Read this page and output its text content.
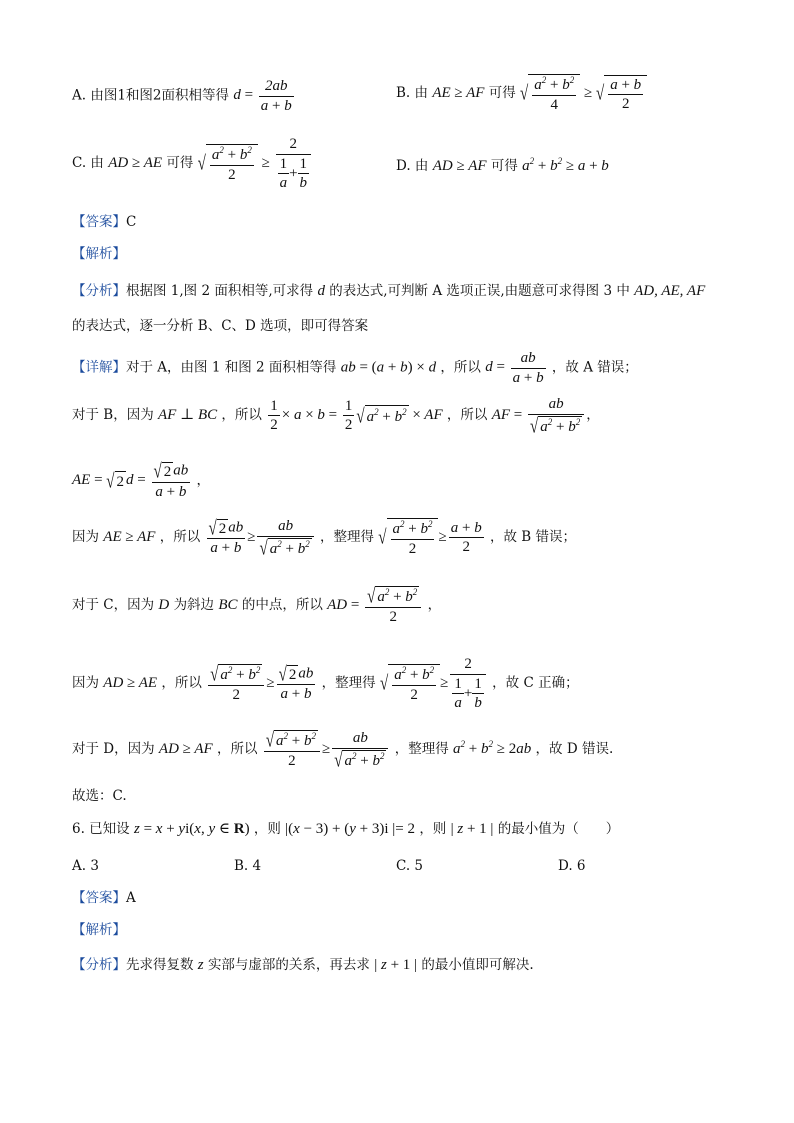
A. 由图1和图2面积相等得 $d = \frac{2ab}{a + b}$	B. 由 AE ≥ AF 可得 √ $\frac{a^2 + b^2}{4}$ ≥ √ $\frac{a + b}{2}$
C. 由 AD ≥ AE 可得 √ $\frac{a^2 + b^2}{2} \ge \frac{2}{\frac{1}{a} + \frac{1}{b}}$	D. 由 AD ≥ AF 可得 $a^2 + b^2 \ge a + b$
【答案】C
【解析】
【分析】根据图 1,图 2 面积相等,可求得 d 的表达式,可判断 A 选项正误,由题意可求得图 3 中 AD, AE, AF
的表达式，逐一分析 B、C、D 选项，即可得答案
【详解】对于 A，由图 1 和图 2 面积相等得 ab = (a + b) × d ，所以 $d = \frac{ab}{a + b}$ ，故 A 错误；
对于 B，因为 AF ⊥ BC ，所以 $\frac{1}{2} \times a \times b = \frac{1}{2}$ √ $a^2 + b^2$ × AF ，所以 AF = $\frac{ab}{√ a^2 + b^2}$ ，
AE = √ 2 $d = \frac{√ 2 ab}{a + b}$ ，
因为 AE ≥ AF ，所以 $\frac{√ 2 ab}{a + b} \ge \frac{ab}{√ a^2 + b^2}$ ，整理得 √ $\frac{a^2 + b^2}{2} \ge \frac{a + b}{2}$ ，故 B 错误；
对于 C，因为 D 为斜边 BC 的中点，所以 AD = $\frac{√ a^2 + b^2}{2}$ ，
因为 AD ≥ AE ，所以 $\frac{√ a^2 + b^2}{2} \ge \frac{√ 2 ab}{a + b}$ ，整理得 √ $\frac{a^2 + b^2}{2} \ge \frac{2}{\frac{1}{a} + \frac{1}{b}}$ ，故 C 正确；
对于 D，因为 AD ≥ AF ，所以 $\frac{√ a^2 + b^2}{2} \ge \frac{ab}{√ a^2 + b^2}$ ，整理得 $a^2 + b^2 \ge 2ab$ ，故 D 错误.
故选：C.
6. 已知设 z = x + yi(x, y ∈ R) ，则 |(x − 3) + (y + 3)i |= 2 ，则 | z + 1 | 的最小值为（　　）
A. 3	B. 4	C. 5	D. 6
【答案】A
【解析】
【分析】先求得复数 z 实部与虚部的关系，再去求 | z + 1 | 的最小值即可解决.
